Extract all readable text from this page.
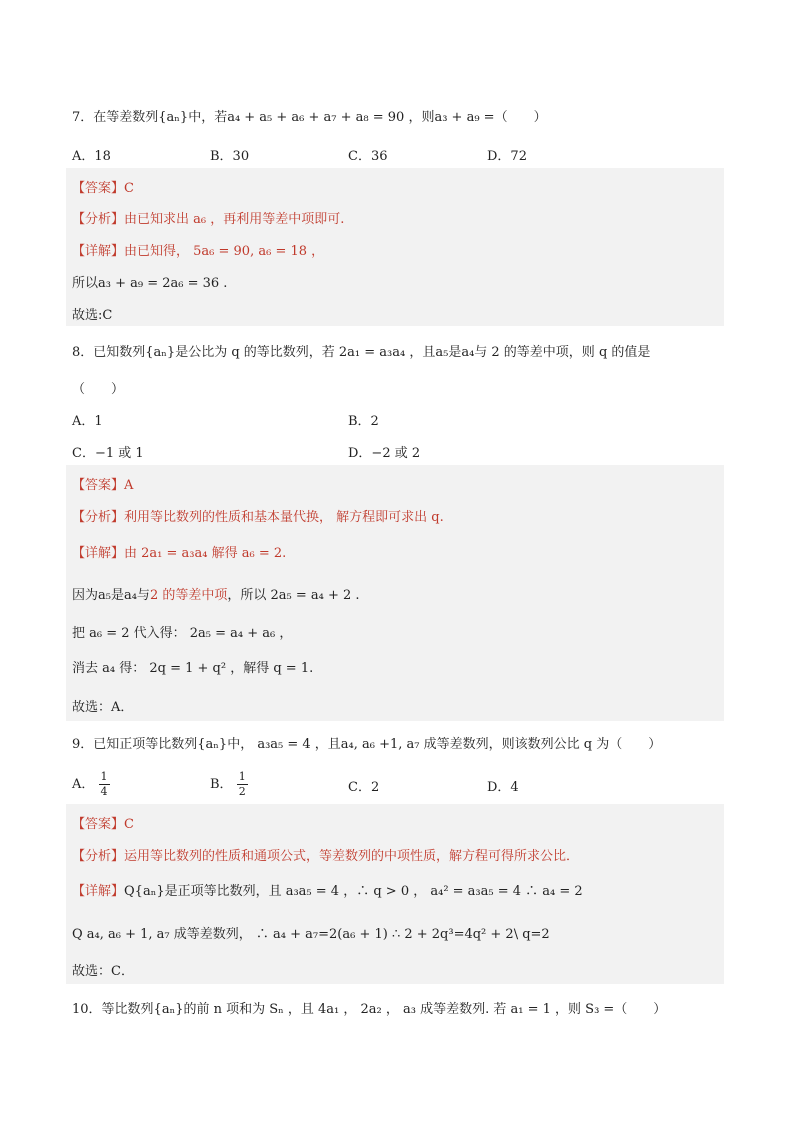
7．在等差数列{aₙ}中，若a₄ + a₅ + a₆ + a₇ + a₈ = 90 ，则a₃ + a₉ =（　　）
A．18	B．30	C．36	D．72
【答案】C
【分析】由已知求出 a₆ ，再利用等差中项即可.
【详解】由已知得， 5a₆ = 90, a₆ = 18 ，
所以a₃ + a₉ = 2a₆ = 36 .
故选:C
8．已知数列{aₙ}是公比为 q 的等比数列，若 2a₁ = a₃a₄ ，且a₅是a₄与 2 的等差中项，则 q 的值是
（　　）
A．1	B．2
C．−1 或 1	D．−2 或 2
【答案】A
【分析】利用等比数列的性质和基本量代换， 解方程即可求出 q.
【详解】由 2a₁ = a₃a₄ 解得 a₆ = 2.
因为a₅是a₄与2 的等差中项，所以 2a₅ = a₄ + 2 .
把 a₆ = 2 代入得： 2a₅ = a₄ + a₆ ，
消去 a₄ 得： 2q = 1 + q² ，解得 q = 1.
故选：A．
9．已知正项等比数列{aₙ}中， a₃a₅ = 4 ，且a₄, a₆ +1, a₇ 成等差数列，则该数列公比 q 为（　　）
A． $\frac{1}{4}$	B． $\frac{1}{2}$	C．2	D．4
【答案】C
【分析】运用等比数列的性质和通项公式，等差数列的中项性质，解方程可得所求公比．
【详解】Q{aₙ}是正项等比数列，且 a₃a₅ = 4 ，∴ q > 0 ， a₄² = a₃a₅ = 4 ∴ a₄ = 2
Q a₄, a₆ + 1, a₇ 成等差数列， ∴ a₄ + a₇=2(a₆ + 1) ∴ 2 + 2q³=4q² + 2\ q=2
故选：C．
10．等比数列{aₙ}的前 n 项和为 Sₙ ，且 4a₁ ， 2a₂ ， a₃ 成等差数列. 若 a₁ = 1 ，则 S₃ =（　　）
